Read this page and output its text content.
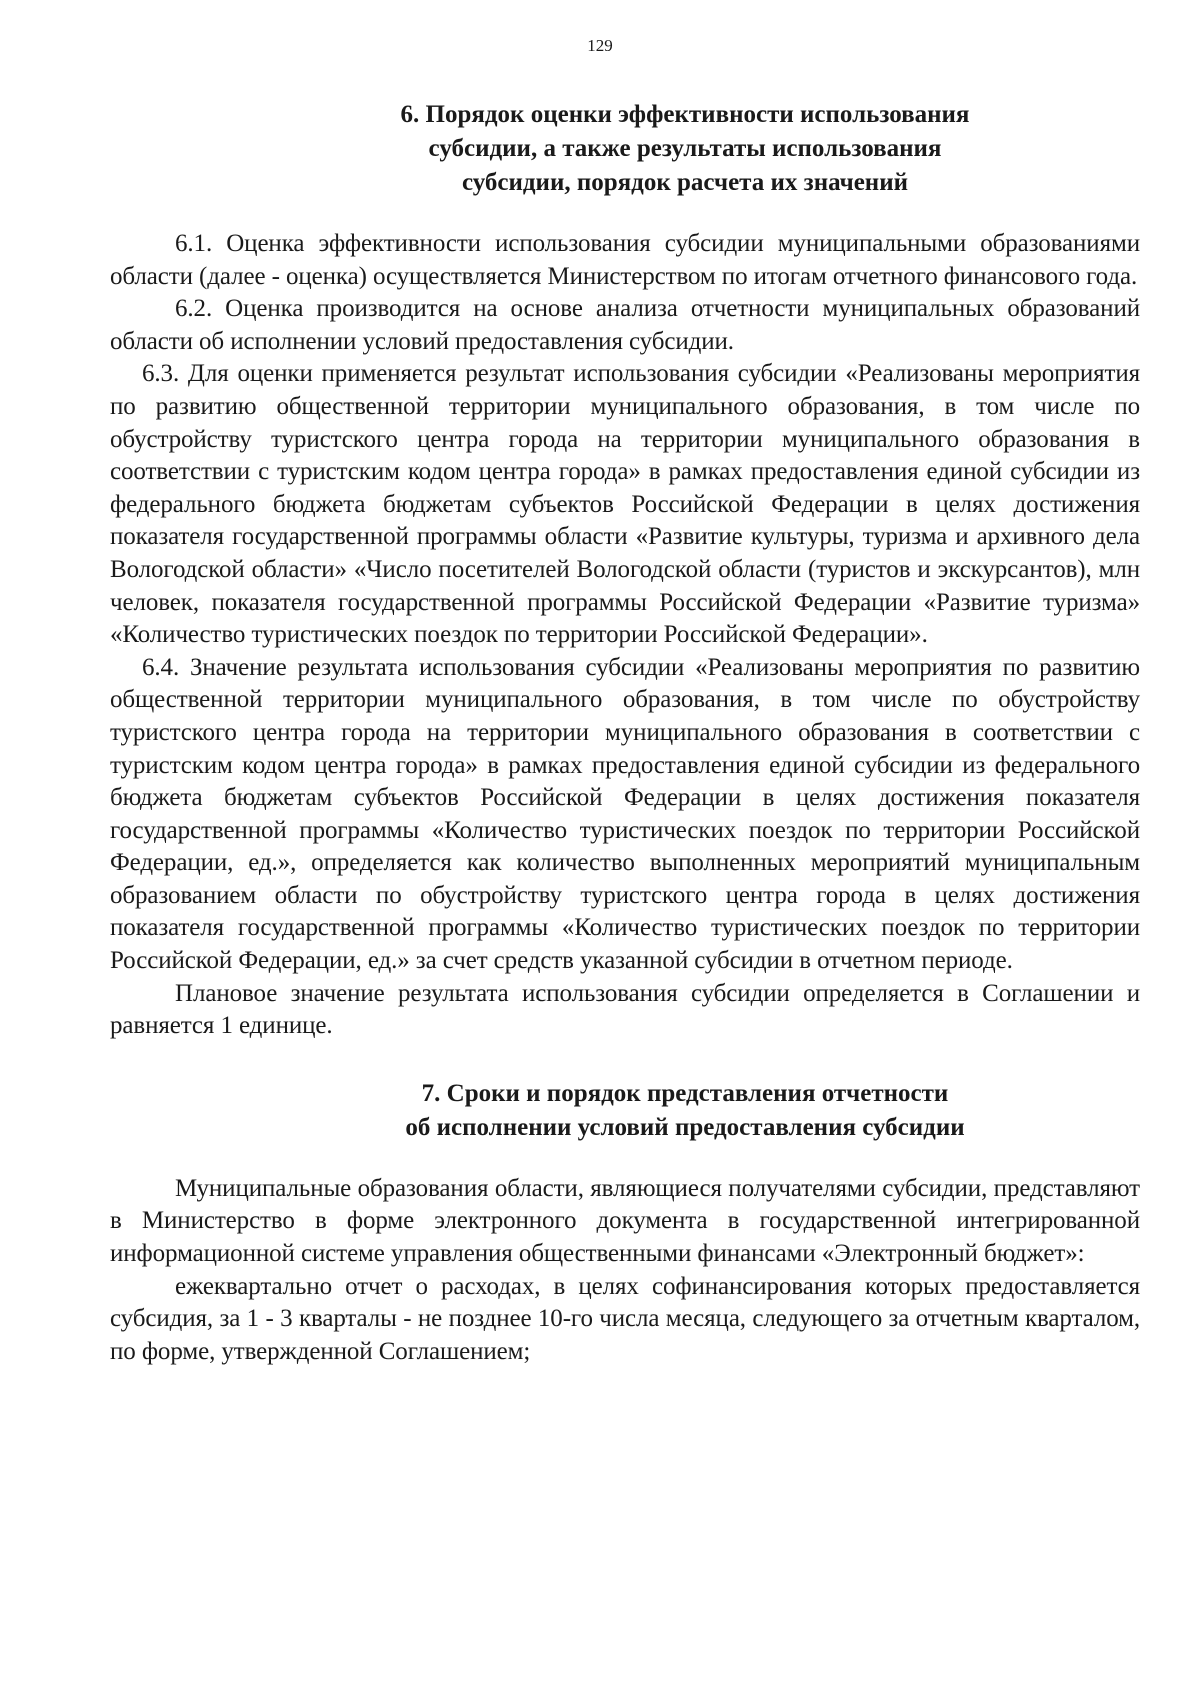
129

6. Порядок оценки эффективности использования
субсидии, а также результаты использования
субсидии, порядок расчета их значений

6.1. Оценка эффективности использования субсидии муниципальными образованиями области (далее - оценка) осуществляется Министерством по итогам отчетного финансового года.

6.2. Оценка производится на основе анализа отчетности муниципальных образований области об исполнении условий предоставления субсидии.

6.3. Для оценки применяется результат использования субсидии «Реализованы мероприятия по развитию общественной территории муниципального образования, в том числе по обустройству туристского центра города на территории муниципального образования в соответствии с туристским кодом центра города» в рамках предоставления единой субсидии из федерального бюджета бюджетам субъектов Российской Федерации в целях достижения показателя государственной программы области «Развитие культуры, туризма и архивного дела Вологодской области» «Число посетителей Вологодской области (туристов и экскурсантов), млн человек, показателя государственной программы Российской Федерации «Развитие туризма» «Количество туристических поездок по территории Российской Федерации».

6.4. Значение результата использования субсидии «Реализованы мероприятия по развитию общественной территории муниципального образования, в том числе по обустройству туристского центра города на территории муниципального образования в соответствии с туристским кодом центра города» в рамках предоставления единой субсидии из федерального бюджета бюджетам субъектов Российской Федерации в целях достижения показателя государственной программы «Количество туристических поездок по территории Российской Федерации, ед.», определяется как количество выполненных мероприятий муниципальным образованием области по обустройству туристского центра города в целях достижения показателя государственной программы «Количество туристических поездок по территории Российской Федерации, ед.» за счет средств указанной субсидии в отчетном периоде.

Плановое значение результата использования субсидии определяется в Соглашении и равняется 1 единице.

7. Сроки и порядок представления отчетности
об исполнении условий предоставления субсидии

Муниципальные образования области, являющиеся получателями субсидии, представляют в Министерство в форме электронного документа в государственной интегрированной информационной системе управления общественными финансами «Электронный бюджет»:

ежеквартально отчет о расходах, в целях софинансирования которых предоставляется субсидия, за 1 - 3 кварталы - не позднее 10-го числа месяца, следующего за отчетным кварталом, по форме, утвержденной Соглашением;
